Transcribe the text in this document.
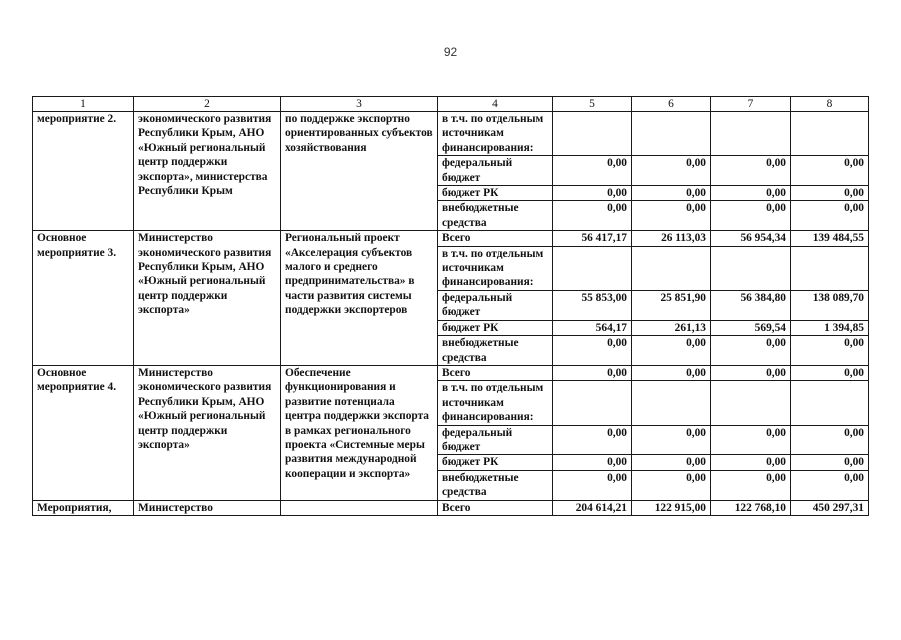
92
1	2	3	4	5	6	7	8
мероприятие 2.	экономического развития Республики Крым, АНО «Южный региональный центр поддержки экспорта», министерства Республики Крым	по поддержке экспортно ориентированных субъектов хозяйствования	в т.ч. по отдельным источникам финансирования:				
			федеральный бюджет	0,00	0,00	0,00	0,00
			бюджет РК	0,00	0,00	0,00	0,00
			внебюджетные средства	0,00	0,00	0,00	0,00
Основное мероприятие 3.	Министерство экономического развития Республики Крым, АНО «Южный региональный центр поддержки экспорта»	Региональный проект «Акселерация субъектов малого и среднего предпринимательства» в части развития системы поддержки экспортеров	Всего	56 417,17	26 113,03	56 954,34	139 484,55
			в т.ч. по отдельным источникам финансирования:				
			федеральный бюджет	55 853,00	25 851,90	56 384,80	138 089,70
			бюджет РК	564,17	261,13	569,54	1 394,85
			внебюджетные средства	0,00	0,00	0,00	0,00
Основное мероприятие 4.	Министерство экономического развития Республики Крым, АНО «Южный региональный центр поддержки экспорта»	Обеспечение функционирования и развитие потенциала центра поддержки экспорта в рамках регионального проекта «Системные меры развития международной кооперации и экспорта»	Всего	0,00	0,00	0,00	0,00
			в т.ч. по отдельным источникам финансирования:				
			федеральный бюджет	0,00	0,00	0,00	0,00
			бюджет РК	0,00	0,00	0,00	0,00
			внебюджетные средства	0,00	0,00	0,00	0,00
Мероприятия,	Министерство		Всего	204 614,21	122 915,00	122 768,10	450 297,31
